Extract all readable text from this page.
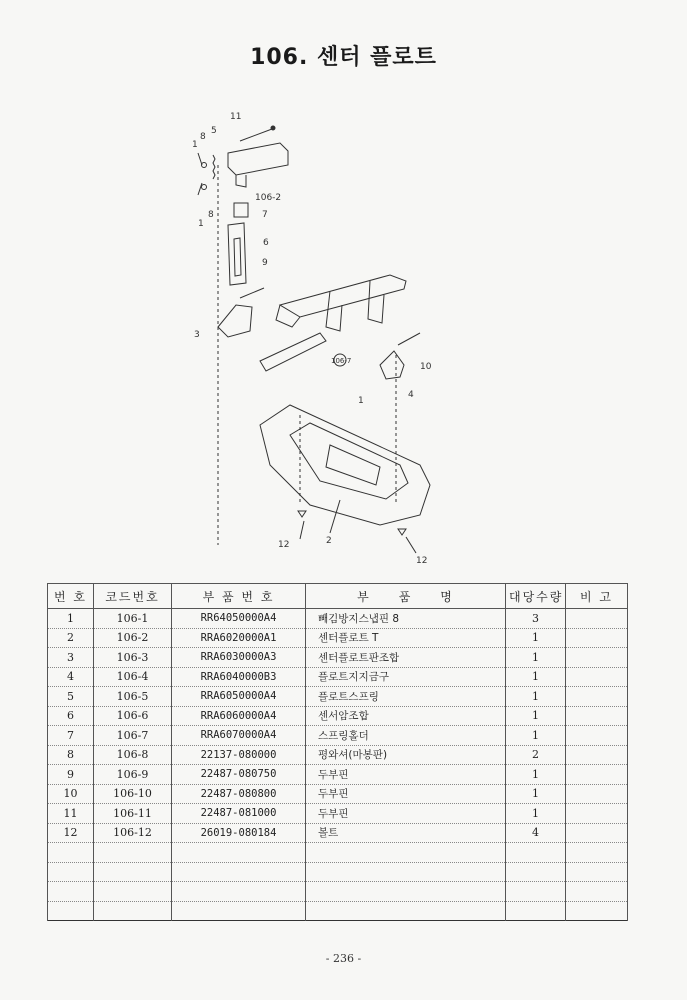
106. 센터 플로트
11
8
5
1
8
1
106-2
7
6
9
3
106-7
10
1
4
12	2
12
번 호	코드번호	부 품 번 호	부　　품　　명	대당수량	비 고
1	106-1	RR64050000A4	빼김방지스냅핀 8	3	
2	106-2	RRA6020000A1	센터플로트 T	1	
3	106-3	RRA6030000A3	센터플로트판조합	1	
4	106-4	RRA6040000B3	플로트지지금구	1	
5	106-5	RRA6050000A4	플로트스프링	1	
6	106-6	RRA6060000A4	센서암조합	1	
7	106-7	RRA6070000A4	스프링홀더	1	
8	106-8	22137-080000	평와셔(마봉판)	2	
9	106-9	22487-080750	두부핀	1	
10	106-10	22487-080800	두부핀	1	
11	106-11	22487-081000	두부핀	1	
12	106-12	26019-080184	볼트	4	

- 236 -
